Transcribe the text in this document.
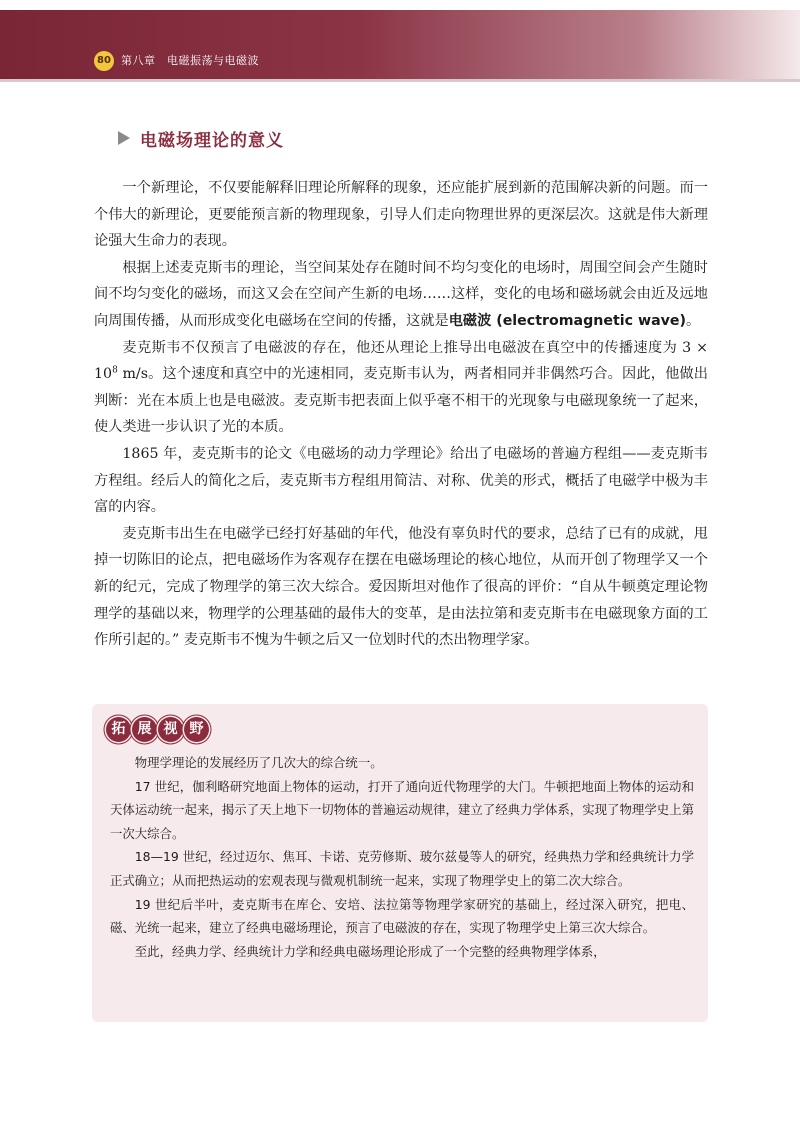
80 第八章　电磁振荡与电磁波
电磁场理论的意义

一个新理论，不仅要能解释旧理论所解释的现象，还应能扩展到新的范围解决新的问题。而一个伟大的新理论，更要能预言新的物理现象，引导人们走向物理世界的更深层次。这就是伟大新理论强大生命力的表现。

根据上述麦克斯韦的理论，当空间某处存在随时间不均匀变化的电场时，周围空间会产生随时间不均匀变化的磁场，而这又会在空间产生新的电场……这样，变化的电场和磁场就会由近及远地向周围传播，从而形成变化电磁场在空间的传播，这就是电磁波 (electromagnetic wave)。

麦克斯韦不仅预言了电磁波的存在，他还从理论上推导出电磁波在真空中的传播速度为 $3 \times 10^8$ m/s。这个速度和真空中的光速相同，麦克斯韦认为，两者相同并非偶然巧合。因此，他做出判断：光在本质上也是电磁波。麦克斯韦把表面上似乎毫不相干的光现象与电磁现象统一了起来，使人类进一步认识了光的本质。

1865 年，麦克斯韦的论文《电磁场的动力学理论》给出了电磁场的普遍方程组——麦克斯韦方程组。经后人的简化之后，麦克斯韦方程组用简洁、对称、优美的形式，概括了电磁学中极为丰富的内容。

麦克斯韦出生在电磁学已经打好基础的年代，他没有辜负时代的要求，总结了已有的成就，甩掉一切陈旧的论点，把电磁场作为客观存在摆在电磁场理论的核心地位，从而开创了物理学又一个新的纪元，完成了物理学的第三次大综合。爱因斯坦对他作了很高的评价：“自从牛顿奠定理论物理学的基础以来，物理学的公理基础的最伟大的变革，是由法拉第和麦克斯韦在电磁现象方面的工作所引起的。” 麦克斯韦不愧为牛顿之后又一位划时代的杰出物理学家。

拓 展 视 野

物理学理论的发展经历了几次大的综合统一。

17 世纪，伽利略研究地面上物体的运动，打开了通向近代物理学的大门。牛顿把地面上物体的运动和天体运动统一起来，揭示了天上地下一切物体的普遍运动规律，建立了经典力学体系，实现了物理学史上第一次大综合。

18—19 世纪，经过迈尔、焦耳、卡诺、克劳修斯、玻尔兹曼等人的研究，经典热力学和经典统计力学正式确立；从而把热运动的宏观表现与微观机制统一起来，实现了物理学史上的第二次大综合。

19 世纪后半叶，麦克斯韦在库仑、安培、法拉第等物理学家研究的基础上，经过深入研究，把电、磁、光统一起来，建立了经典电磁场理论，预言了电磁波的存在，实现了物理学史上第三次大综合。

至此，经典力学、经典统计力学和经典电磁场理论形成了一个完整的经典物理学体系，
